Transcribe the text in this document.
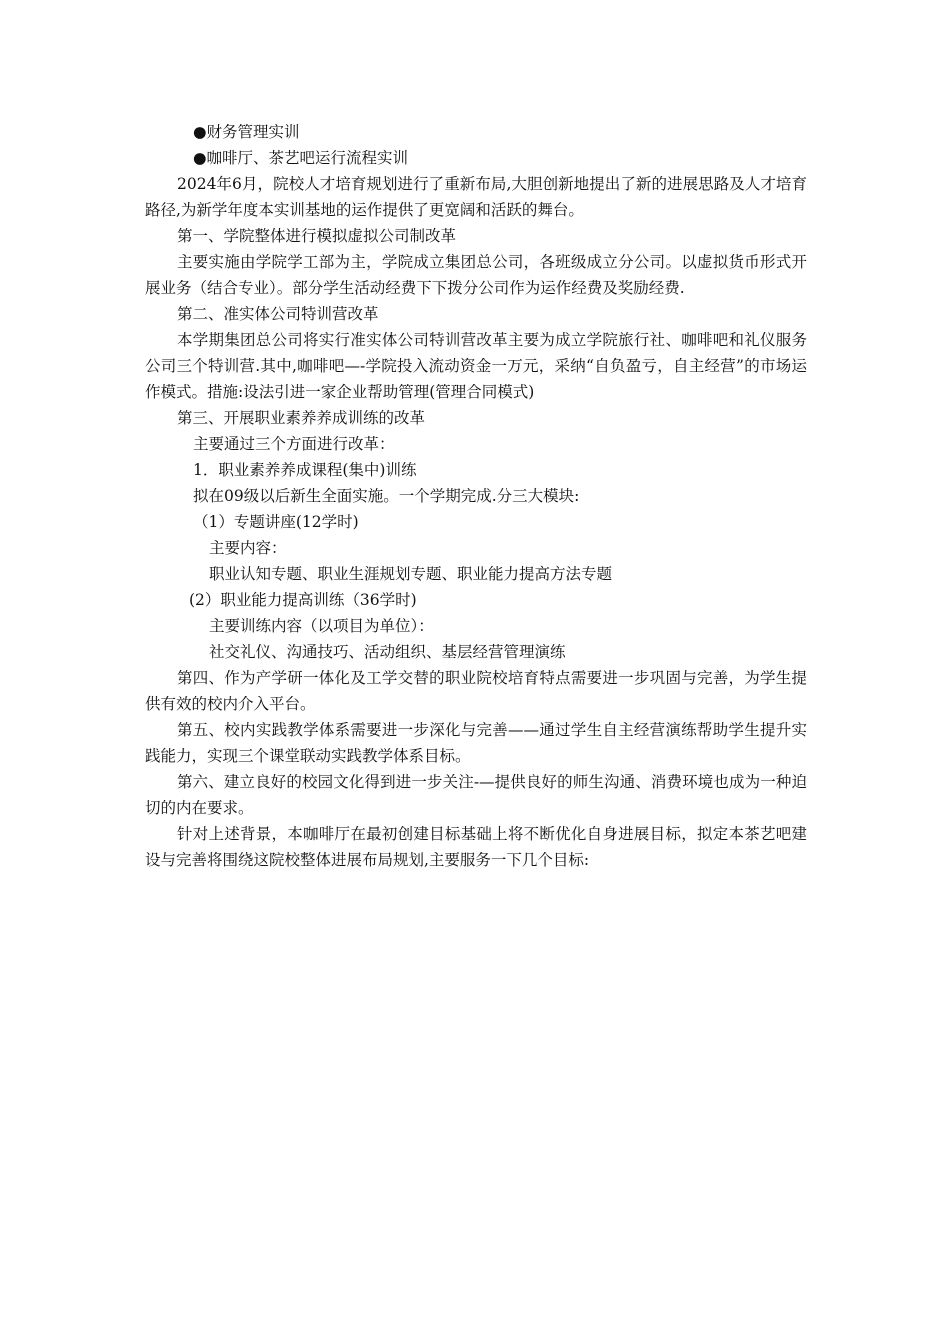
●财务管理实训

●咖啡厅、茶艺吧运行流程实训

2024年6月，院校人才培育规划进行了重新布局,大胆创新地提出了新的进展思路及人才培育路径,为新学年度本实训基地的运作提供了更宽阔和活跃的舞台。

第一、学院整体进行模拟虚拟公司制改革

主要实施由学院学工部为主，学院成立集团总公司，各班级成立分公司。以虚拟货币形式开展业务（结合专业）。部分学生活动经费下下拨分公司作为运作经费及奖励经费.

第二、准实体公司特训营改革

本学期集团总公司将实行准实体公司特训营改革主要为成立学院旅行社、咖啡吧和礼仪服务公司三个特训营.其中,咖啡吧—-学院投入流动资金一万元，采纳“自负盈亏，自主经营”的市场运作模式。措施:设法引进一家企业帮助管理(管理合同模式)

第三、开展职业素养养成训练的改革

主要通过三个方面进行改革：

1．职业素养养成课程(集中)训练

拟在09级以后新生全面实施。一个学期完成.分三大模块:

（1）专题讲座(12学时)

主要内容：

职业认知专题、职业生涯规划专题、职业能力提高方法专题

(2）职业能力提高训练（36学时)

主要训练内容（以项目为单位）：

社交礼仪、沟通技巧、活动组织、基层经营管理演练

第四、作为产学研一体化及工学交替的职业院校培育特点需要进一步巩固与完善，为学生提供有效的校内介入平台。

第五、校内实践教学体系需要进一步深化与完善——通过学生自主经营演练帮助学生提升实践能力，实现三个课堂联动实践教学体系目标。

第六、建立良好的校园文化得到进一步关注-—提供良好的师生沟通、消费环境也成为一种迫切的内在要求。

针对上述背景，本咖啡厅在最初创建目标基础上将不断优化自身进展目标，拟定本茶艺吧建设与完善将围绕这院校整体进展布局规划,主要服务一下几个目标:
